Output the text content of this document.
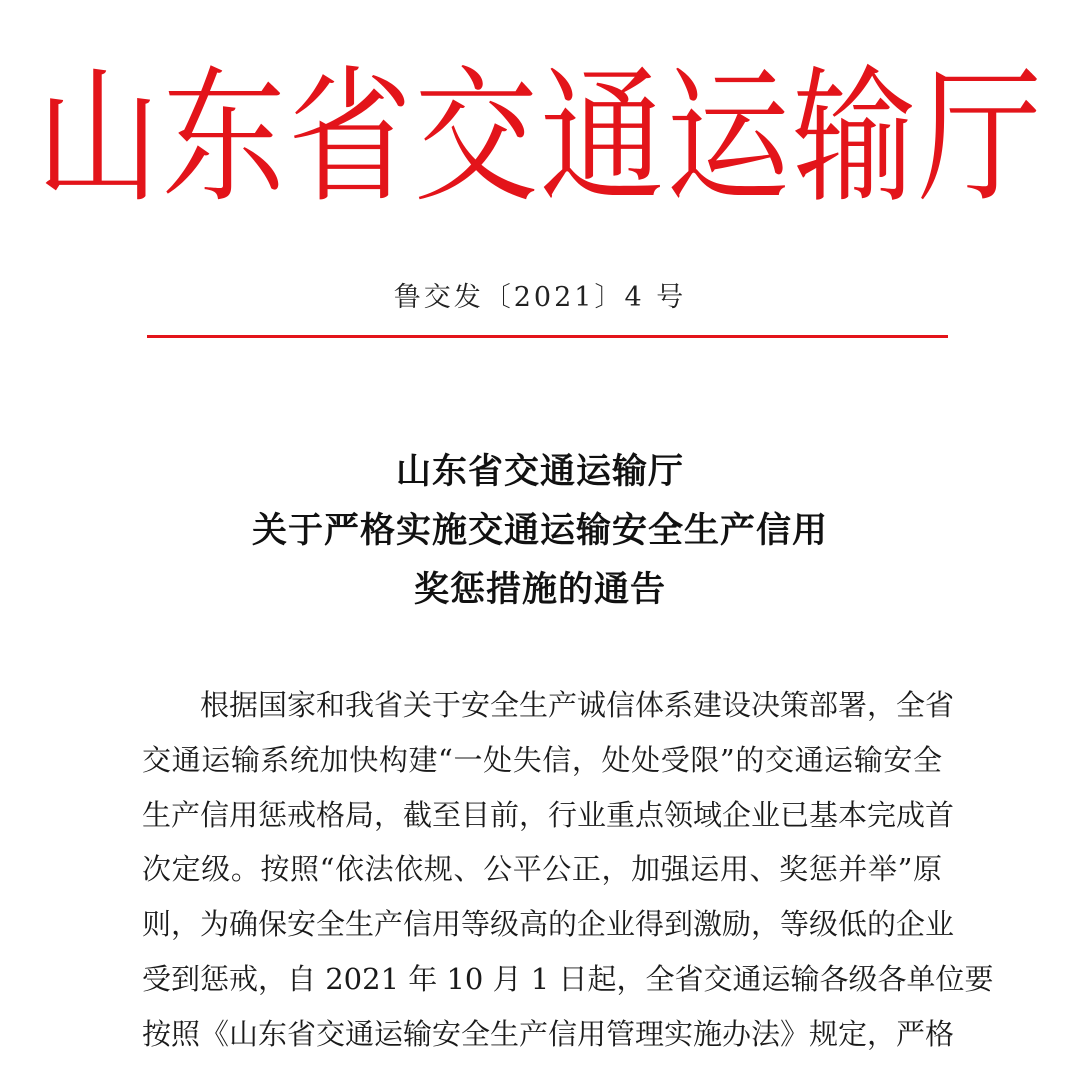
山东省交通运输厅
鲁交发〔2021〕4 号
山东省交通运输厅
关于严格实施交通运输安全生产信用
奖惩措施的通告
根据国家和我省关于安全生产诚信体系建设决策部署，全省
交通运输系统加快构建“一处失信，处处受限”的交通运输安全
生产信用惩戒格局，截至目前，行业重点领域企业已基本完成首
次定级。按照“依法依规、公平公正，加强运用、奖惩并举”原
则，为确保安全生产信用等级高的企业得到激励，等级低的企业
受到惩戒，自 2021 年 10 月 1 日起，全省交通运输各级各单位要
按照《山东省交通运输安全生产信用管理实施办法》规定，严格
